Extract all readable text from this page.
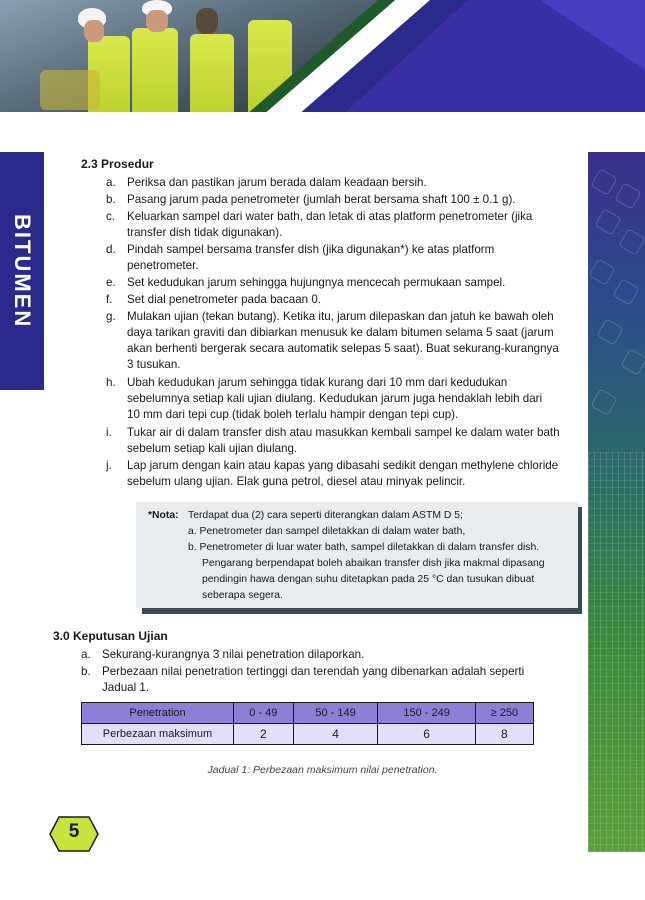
BITUMEN
2.3 Prosedur
a. Periksa dan pastikan jarum berada dalam keadaan bersih.
b. Pasang jarum pada penetrometer (jumlah berat bersama shaft 100 ± 0.1 g).
c. Keluarkan sampel dari water bath, dan letak di atas platform penetrometer (jika
transfer dish tidak digunakan).
d. Pindah sampel bersama transfer dish (jika digunakan*) ke atas platform
penetrometer.
e. Set kedudukan jarum sehingga hujungnya mencecah permukaan sampel.
f. Set dial penetrometer pada bacaan 0.
g. Mulakan ujian (tekan butang). Ketika itu, jarum dilepaskan dan jatuh ke bawah oleh
daya tarikan graviti dan dibiarkan menusuk ke dalam bitumen selama 5 saat (jarum
akan berhenti bergerak secara automatik selepas 5 saat). Buat sekurang-kurangnya
3 tusukan.
h. Ubah kedudukan jarum sehingga tidak kurang dari 10 mm dari kedudukan
sebelumnya setiap kali ujian diulang. Kedudukan jarum juga hendaklah lebih dari
10 mm dari tepi cup (tidak boleh terlalu hampir dengan tepi cup).
i. Tukar air di dalam transfer dish atau masukkan kembali sampel ke dalam water bath
sebelum setiap kali ujian diulang.
j. Lap jarum dengan kain atau kapas yang dibasahi sedikit dengan methylene chloride
sebelum ulang ujian. Elak guna petrol, diesel atau minyak pelincir.
*Nota: Terdapat dua (2) cara seperti diterangkan dalam ASTM D 5;
a. Penetrometer dan sampel diletakkan di dalam water bath,
b. Penetrometer di luar water bath, sampel diletakkan di dalam transfer dish.
Pengarang berpendapat boleh abaikan transfer dish jika makmal dipasang
pendingin hawa dengan suhu ditetapkan pada 25 °C dan tusukan dibuat
seberapa segera.
3.0 Keputusan Ujian
a. Sekurang-kurangnya 3 nilai penetration dilaporkan.
b. Perbezaan nilai penetration tertinggi dan terendah yang dibenarkan adalah seperti
Jadual 1.
Penetration	0 - 49	50 - 149	150 - 249	≥ 250
Perbezaan maksimum	2	4	6	8
Jadual 1: Perbezaan maksimum nilai penetration.
5
